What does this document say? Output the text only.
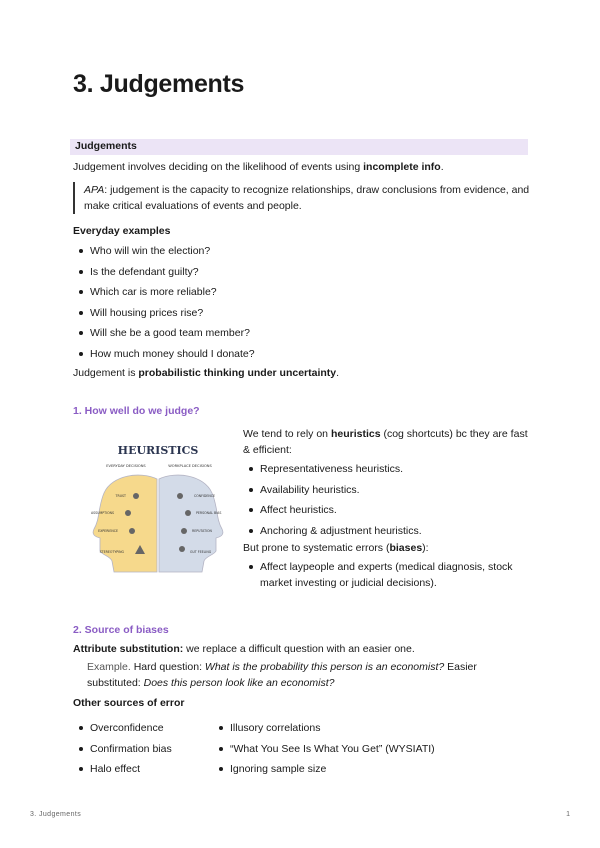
3. Judgements
Judgements

Judgement involves deciding on the likelihood of events using incomplete info.

APA: judgement is the capacity to recognize relationships, draw conclusions from evidence, and make critical evaluations of events and people.

Everyday examples

Who will win the election?
Is the defendant guilty?
Which car is more reliable?
Will housing prices rise?
Will she be a good team member?
How much money should I donate?

Judgement is probabilistic thinking under uncertainty.

1. How well do we judge?
HEURISTICS
EVERYDAY DECISIONS	WORKPLACE DECISIONS
TRUST	CONFIDENCE
ASSUMPTIONS	PERSONAL BIAS
EXPERIENCE	REPUTATION
STEREOTYPING	GUT FEELING
We tend to rely on heuristics (cog shortcuts) bc they are fast & efficient:
Representativeness heuristics.
Availability heuristics.
Affect heuristics.
Anchoring & adjustment heuristics.
But prone to systematic errors (biases):
Affect laypeople and experts (medical diagnosis, stock market investing or judicial decisions).
2. Source of biases

Attribute substitution: we replace a difficult question with an easier one.

Example. Hard question: What is the probability this person is an economist? Easier substituted: Does this person look like an economist?

Other sources of error

Overconfidence
Confirmation bias
Halo effect
Illusory correlations
“What You See Is What You Get” (WYSIATI)
Ignoring sample size
3. Judgements	1
